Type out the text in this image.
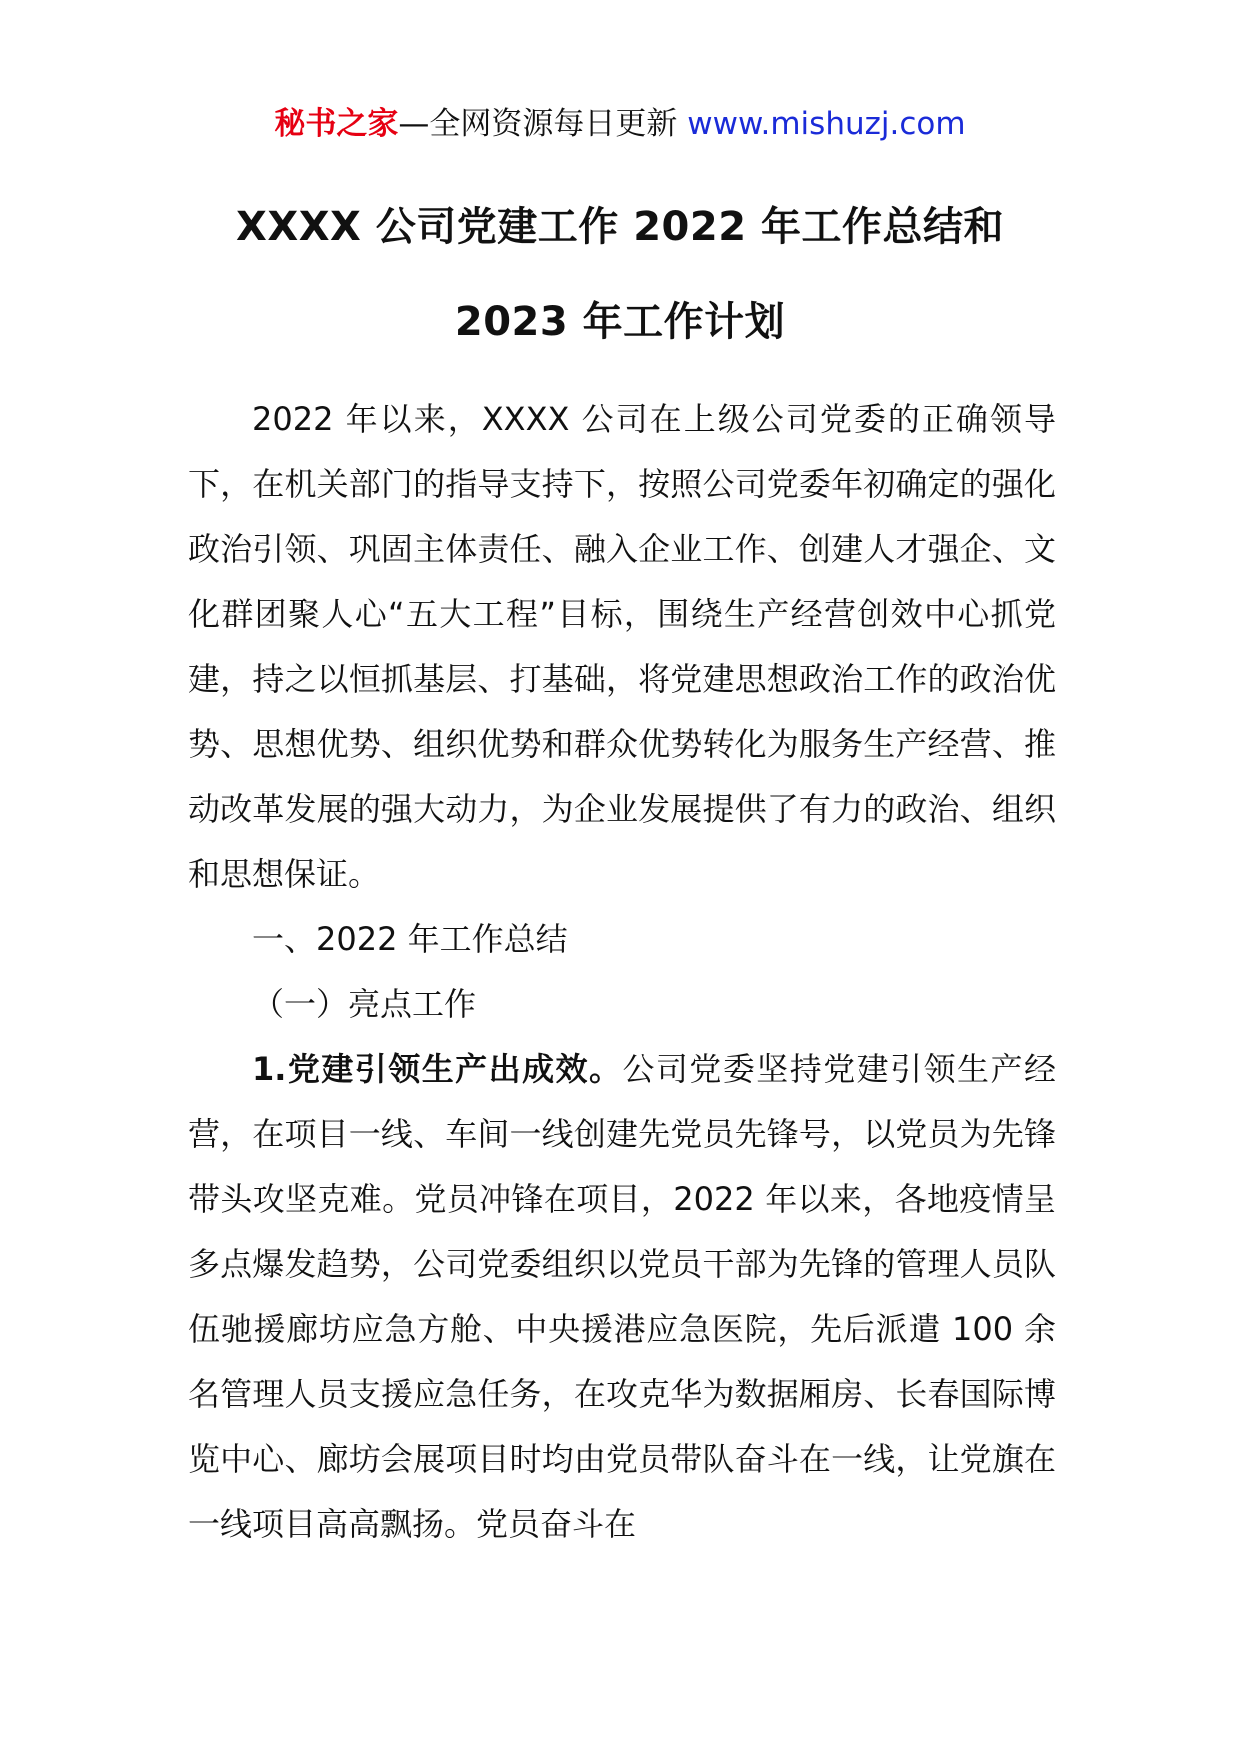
秘书之家—全网资源每日更新 www.mishuzj.com
XXXX 公司党建工作 2022 年工作总结和
2023 年工作计划

2022 年以来，XXXX 公司在上级公司党委的正确领导下，在机关部门的指导支持下，按照公司党委年初确定的强化政治引领、巩固主体责任、融入企业工作、创建人才强企、文化群团聚人心“五大工程”目标，围绕生产经营创效中心抓党建，持之以恒抓基层、打基础，将党建思想政治工作的政治优势、思想优势、组织优势和群众优势转化为服务生产经营、推动改革发展的强大动力，为企业发展提供了有力的政治、组织和思想保证。

一、2022 年工作总结

（一）亮点工作

1.党建引领生产出成效。公司党委坚持党建引领生产经营，在项目一线、车间一线创建先党员先锋号，以党员为先锋带头攻坚克难。党员冲锋在项目，2022 年以来，各地疫情呈多点爆发趋势，公司党委组织以党员干部为先锋的管理人员队伍驰援廊坊应急方舱、中央援港应急医院，先后派遣 100 余名管理人员支援应急任务，在攻克华为数据厢房、长春国际博览中心、廊坊会展项目时均由党员带队奋斗在一线，让党旗在一线项目高高飘扬。党员奋斗在
